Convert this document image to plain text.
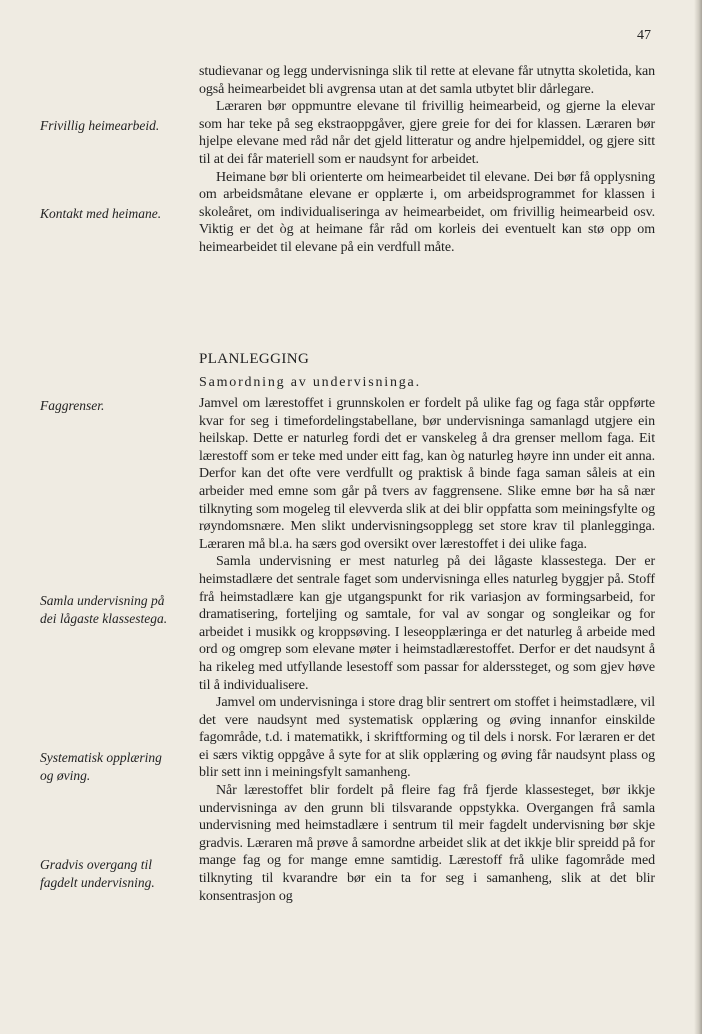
47
Frivillig heimearbeid.
Kontakt med heimane.
Faggrenser.
Samla undervisning på dei lågaste klassestega.
Systematisk opplæring og øving.
Gradvis overgang til fagdelt undervisning.

studievanar og legg undervisninga slik til rette at elevane får utnytta skoletida, kan også heimearbeidet bli avgrensa utan at det samla utbytet blir dårlegare.

Læraren bør oppmuntre elevane til frivillig heimearbeid, og gjerne la elevar som har teke på seg ekstraoppgåver, gjere greie for dei for klassen. Læraren bør hjelpe elevane med råd når det gjeld litteratur og andre hjelpemiddel, og gjere sitt til at dei får materiell som er naudsynt for arbeidet.

Heimane bør bli orienterte om heimearbeidet til elevane. Dei bør få opplysning om arbeidsmåtane elevane er opplærte i, om arbeidsprogrammet for klassen i skoleåret, om individualiseringa av heimearbeidet, om frivillig heimearbeid osv. Viktig er det òg at heimane får råd om korleis dei eventuelt kan stø opp om heimearbeidet til elevane på ein verdfull måte.

PLANLEGGING
Samordning av undervisninga.

Jamvel om lærestoffet i grunnskolen er fordelt på ulike fag og faga står oppførte kvar for seg i timefordelingstabellane, bør undervisninga samanlagd utgjere ein heilskap. Dette er naturleg fordi det er vanskeleg å dra grenser mellom faga. Eit lærestoff som er teke med under eitt fag, kan òg naturleg høyre inn under eit anna. Derfor kan det ofte vere verdfullt og praktisk å binde faga saman såleis at ein arbeider med emne som går på tvers av faggrensene. Slike emne bør ha så nær tilknyting som mogeleg til elevverda slik at dei blir oppfatta som meiningsfylte og røyndomsnære. Men slikt undervisningsopplegg set store krav til planlegginga. Læraren må bl.a. ha særs god oversikt over lærestoffet i dei ulike faga.

Samla undervisning er mest naturleg på dei lågaste klassestega. Der er heimstadlære det sentrale faget som undervisninga elles naturleg byggjer på. Stoff frå heimstadlære kan gje utgangspunkt for rik variasjon av formingsarbeid, for dramatisering, forteljing og samtale, for val av songar og songleikar og for arbeidet i musikk og kroppsøving. I leseopplæringa er det naturleg å arbeide med ord og omgrep som elevane møter i heimstadlærestoffet. Derfor er det naudsynt å ha rikeleg med utfyllande lesestoff som passar for alderssteget, og som gjev høve til å individualisere.

Jamvel om undervisninga i store drag blir sentrert om stoffet i heimstadlære, vil det vere naudsynt med systematisk opplæring og øving innanfor einskilde fagområde, t.d. i matematikk, i skriftforming og til dels i norsk. For læraren er det ei særs viktig oppgåve å syte for at slik opplæring og øving får naudsynt plass og blir sett inn i meiningsfylt samanheng.

Når lærestoffet blir fordelt på fleire fag frå fjerde klassesteget, bør ikkje undervisninga av den grunn bli tilsvarande oppstykka. Overgangen frå samla undervisning med heimstadlære i sentrum til meir fagdelt undervisning bør skje gradvis. Læraren må prøve å samordne arbeidet slik at det ikkje blir spreidd på for mange fag og for mange emne samtidig. Lærestoff frå ulike fagområde med tilknyting til kvarandre bør ein ta for seg i samanheng, slik at det blir konsentrasjon og
